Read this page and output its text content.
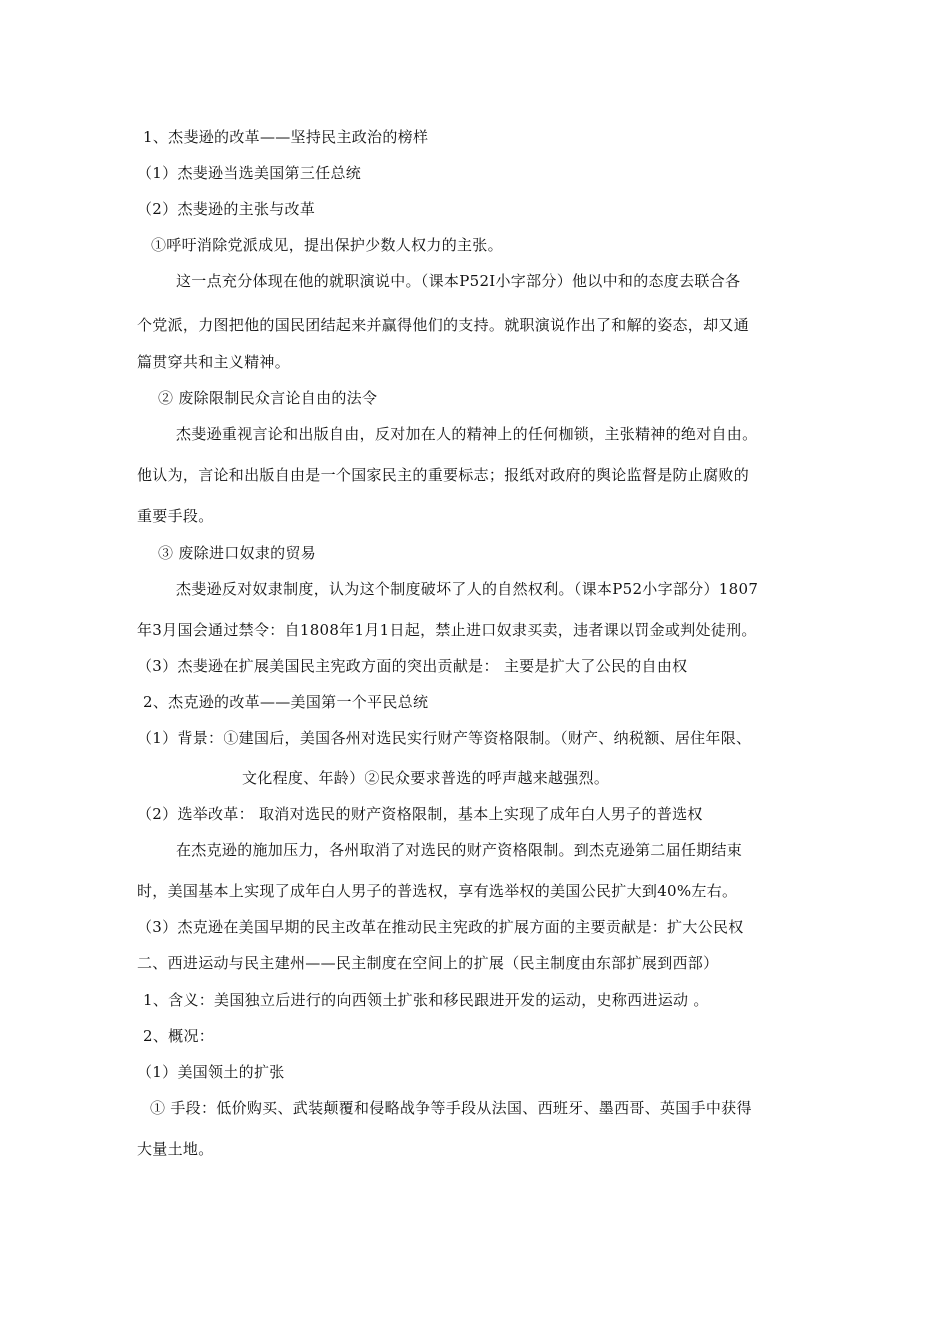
1、杰斐逊的改革——坚持民主政治的榜样
（1）杰斐逊当选美国第三任总统
（2）杰斐逊的主张与改革
①呼吁消除党派成见，提出保护少数人权力的主张。
这一点充分体现在他的就职演说中。（课本P52I小字部分）他以中和的态度去联合各
个党派，力图把他的国民团结起来并赢得他们的支持。就职演说作出了和解的姿态，却又通
篇贯穿共和主义精神。
② 废除限制民众言论自由的法令
杰斐逊重视言论和出版自由，反对加在人的精神上的任何枷锁，主张精神的绝对自由。
他认为，言论和出版自由是一个国家民主的重要标志；报纸对政府的舆论监督是防止腐败的
重要手段。
③ 废除进口奴隶的贸易
杰斐逊反对奴隶制度，认为这个制度破坏了人的自然权利。（课本P52小字部分）1807
年3月国会通过禁令：自1808年1月1日起，禁止进口奴隶买卖，违者课以罚金或判处徒刑。
（3）杰斐逊在扩展美国民主宪政方面的突出贡献是： 主要是扩大了公民的自由权
2、杰克逊的改革——美国第一个平民总统
（1）背景：①建国后，美国各州对选民实行财产等资格限制。（财产、纳税额、居住年限、
文化程度、年龄）②民众要求普选的呼声越来越强烈。
（2）选举改革： 取消对选民的财产资格限制，基本上实现了成年白人男子的普选权
在杰克逊的施加压力，各州取消了对选民的财产资格限制。到杰克逊第二届任期结束
时，美国基本上实现了成年白人男子的普选权，享有选举权的美国公民扩大到40%左右。
（3）杰克逊在美国早期的民主改革在推动民主宪政的扩展方面的主要贡献是：扩大公民权
二、西进运动与民主建州——民主制度在空间上的扩展（民主制度由东部扩展到西部）
1、含义：美国独立后进行的向西领土扩张和移民跟进开发的运动，史称西进运动 。
2、概况：
（1）美国领土的扩张
① 手段：低价购买、武装颠覆和侵略战争等手段从法国、西班牙、墨西哥、英国手中获得
大量土地。
